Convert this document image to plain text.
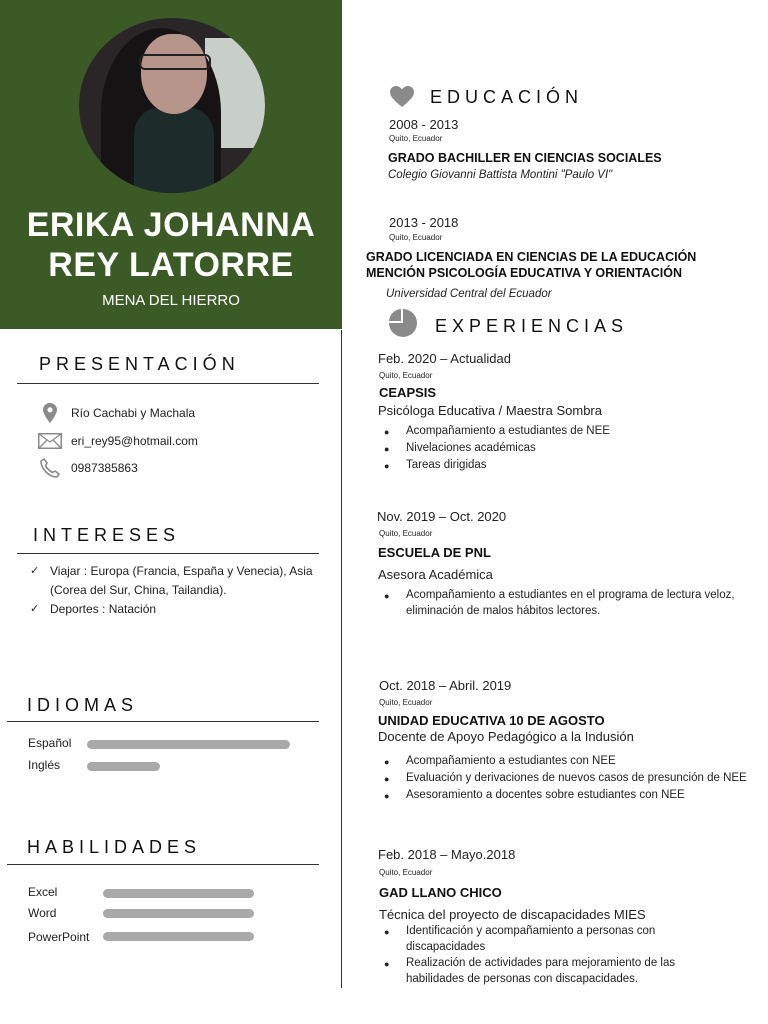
ERIKA JOHANNA
REY LATORRE
MENA DEL HIERRO
PRESENTACIÓN
Río Cachabi y Machala
eri_rey95@hotmail.com
0987385863
INTERESES
✓ Viajar : Europa (Francia, España y Venecia), Asia (Corea del Sur, China, Tailandia).
✓ Deportes : Natación
IDIOMAS
Español
Inglés
HABILIDADES
Excel
Word
PowerPoint
EDUCACIÓN
2008 - 2013
Quito, Ecuador
GRADO BACHILLER EN CIENCIAS SOCIALES
Colegio Giovanni Battista Montini "Paulo VI"
2013 - 2018
Quito, Ecuador
GRADO LICENCIADA EN CIENCIAS DE LA EDUCACIÓN
MENCIÓN PSICOLOGÍA EDUCATIVA Y ORIENTACIÓN
Universidad Central del Ecuador
EXPERIENCIAS
Feb. 2020 – Actualidad
Quito, Ecuador
CEAPSIS
Psicóloga Educativa / Maestra Sombra
●	Acompañamiento a estudiantes de NEE
●	Nivelaciones académicas
●	Tareas dirigidas
Nov. 2019 – Oct. 2020
Quito, Ecuador
ESCUELA DE PNL
Asesora Académica
●	Acompañamiento a estudiantes en el programa de lectura veloz, eliminación de malos hábitos lectores.
Oct. 2018 – Abril. 2019
Quito, Ecuador
UNIDAD EDUCATIVA 10 DE AGOSTO
Docente de Apoyo Pedagógico a la Indusión
●	Acompañamiento a estudiantes con NEE
●	Evaluación y derivaciones de nuevos casos de presunción de NEE
●	Asesoramiento a docentes sobre estudiantes con NEE
Feb. 2018 – Mayo.2018
Quito, Ecuador
GAD LLANO CHICO
Técnica del proyecto de discapacidades MIES
●	Identificación y acompañamiento a personas con discapacidades
●	Realización de actividades para mejoramiento de las habilidades de personas con discapacidades.
